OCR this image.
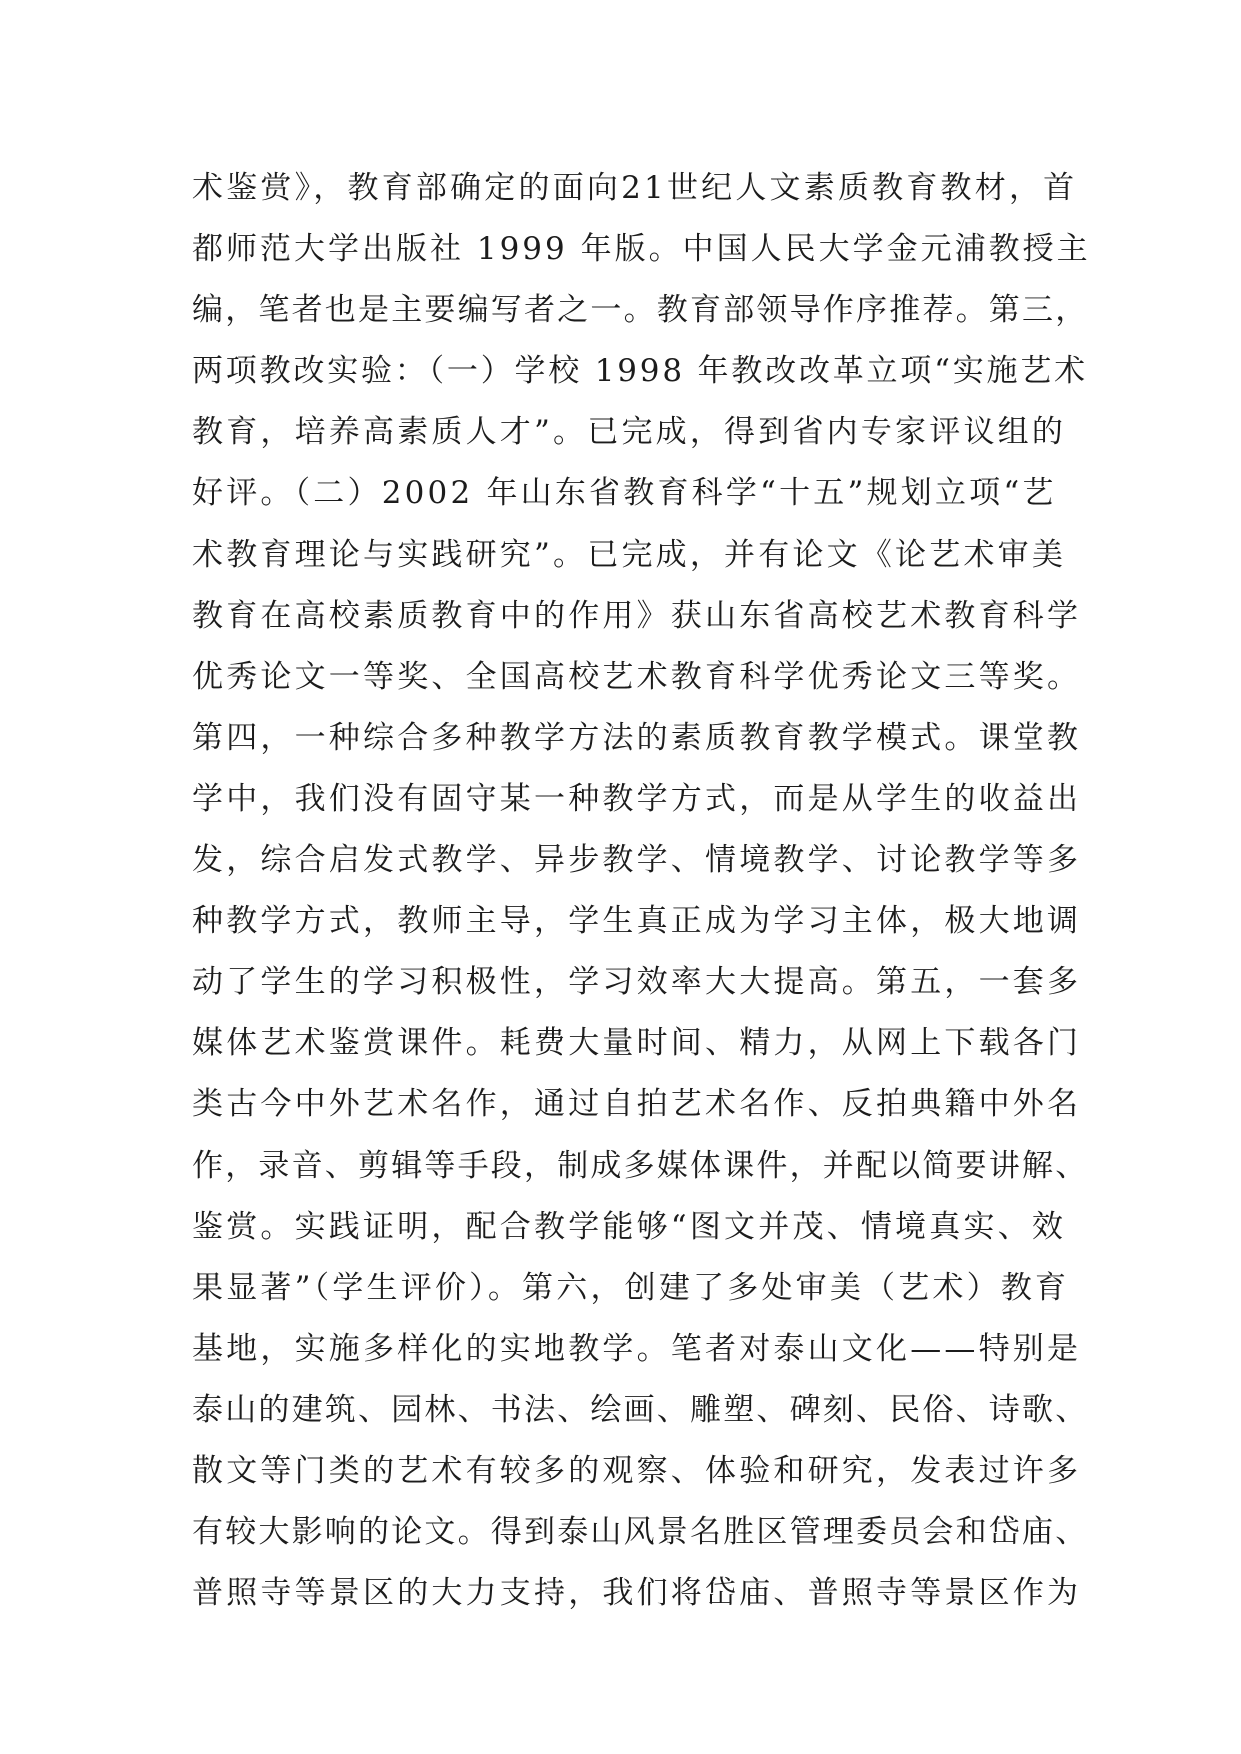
术鉴赏》，教育部确定的面向21世纪人文素质教育教材，首
都师范大学出版社 1999 年版。中国人民大学金元浦教授主
编，笔者也是主要编写者之一。教育部领导作序推荐。第三，
两项教改实验：（一）学校 1998 年教改改革立项“实施艺术
教育，培养高素质人才”。已完成，得到省内专家评议组的
好评。（二）2002 年山东省教育科学“十五”规划立项“艺
术教育理论与实践研究”。已完成，并有论文《论艺术审美
教育在高校素质教育中的作用》获山东省高校艺术教育科学
优秀论文一等奖、全国高校艺术教育科学优秀论文三等奖。
第四，一种综合多种教学方法的素质教育教学模式。课堂教
学中，我们没有固守某一种教学方式，而是从学生的收益出
发，综合启发式教学、异步教学、情境教学、讨论教学等多
种教学方式，教师主导，学生真正成为学习主体，极大地调
动了学生的学习积极性，学习效率大大提高。第五，一套多
媒体艺术鉴赏课件。耗费大量时间、精力，从网上下载各门
类古今中外艺术名作，通过自拍艺术名作、反拍典籍中外名
作，录音、剪辑等手段，制成多媒体课件，并配以简要讲解、
鉴赏。实践证明，配合教学能够“图文并茂、情境真实、效
果显著”（学生评价）。第六，创建了多处审美（艺术）教育
基地，实施多样化的实地教学。笔者对泰山文化——特别是
泰山的建筑、园林、书法、绘画、雕塑、碑刻、民俗、诗歌、
散文等门类的艺术有较多的观察、体验和研究，发表过许多
有较大影响的论文。得到泰山风景名胜区管理委员会和岱庙、
普照寺等景区的大力支持，我们将岱庙、普照寺等景区作为
